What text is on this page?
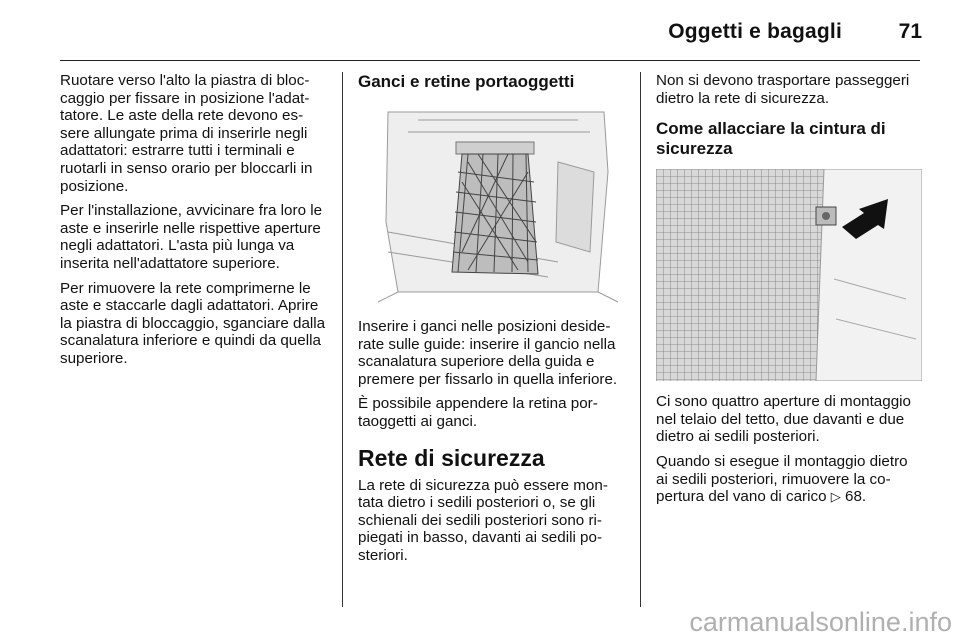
Oggetti e bagagli	71

Ruotare verso l'alto la piastra di bloccaggio per fissare in posizione l'adattatore. Le aste della rete devono essere allungate prima di inserirle negli adattatori: estrarre tutti i terminali e ruotarli in senso orario per bloccarli in posizione.

Per l'installazione, avvicinare fra loro le aste e inserirle nelle rispettive aperture negli adattatori. L'asta più lunga va inserita nell'adattatore superiore.

Per rimuovere la rete comprimerne le aste e staccarle dagli adattatori. Aprire la piastra di bloccaggio, sganciare dalla scanalatura inferiore e quindi da quella superiore.

Ganci e retine portaoggetti

Inserire i ganci nelle posizioni desiderate sulle guide: inserire il gancio nella scanalatura superiore della guida e premere per fissarlo in quella inferiore.

È possibile appendere la retina portaoggetti ai ganci.

Rete di sicurezza

La rete di sicurezza può essere montata dietro i sedili posteriori o, se gli schienali dei sedili posteriori sono ripiegati in basso, davanti ai sedili posteriori.

Non si devono trasportare passeggeri dietro la rete di sicurezza.

Come allacciare la cintura di sicurezza

Ci sono quattro aperture di montaggio nel telaio del tetto, due davanti e due dietro ai sedili posteriori.

Quando si esegue il montaggio dietro ai sedili posteriori, rimuovere la copertura del vano di carico ▷ 68.

carmanualsonline.info
